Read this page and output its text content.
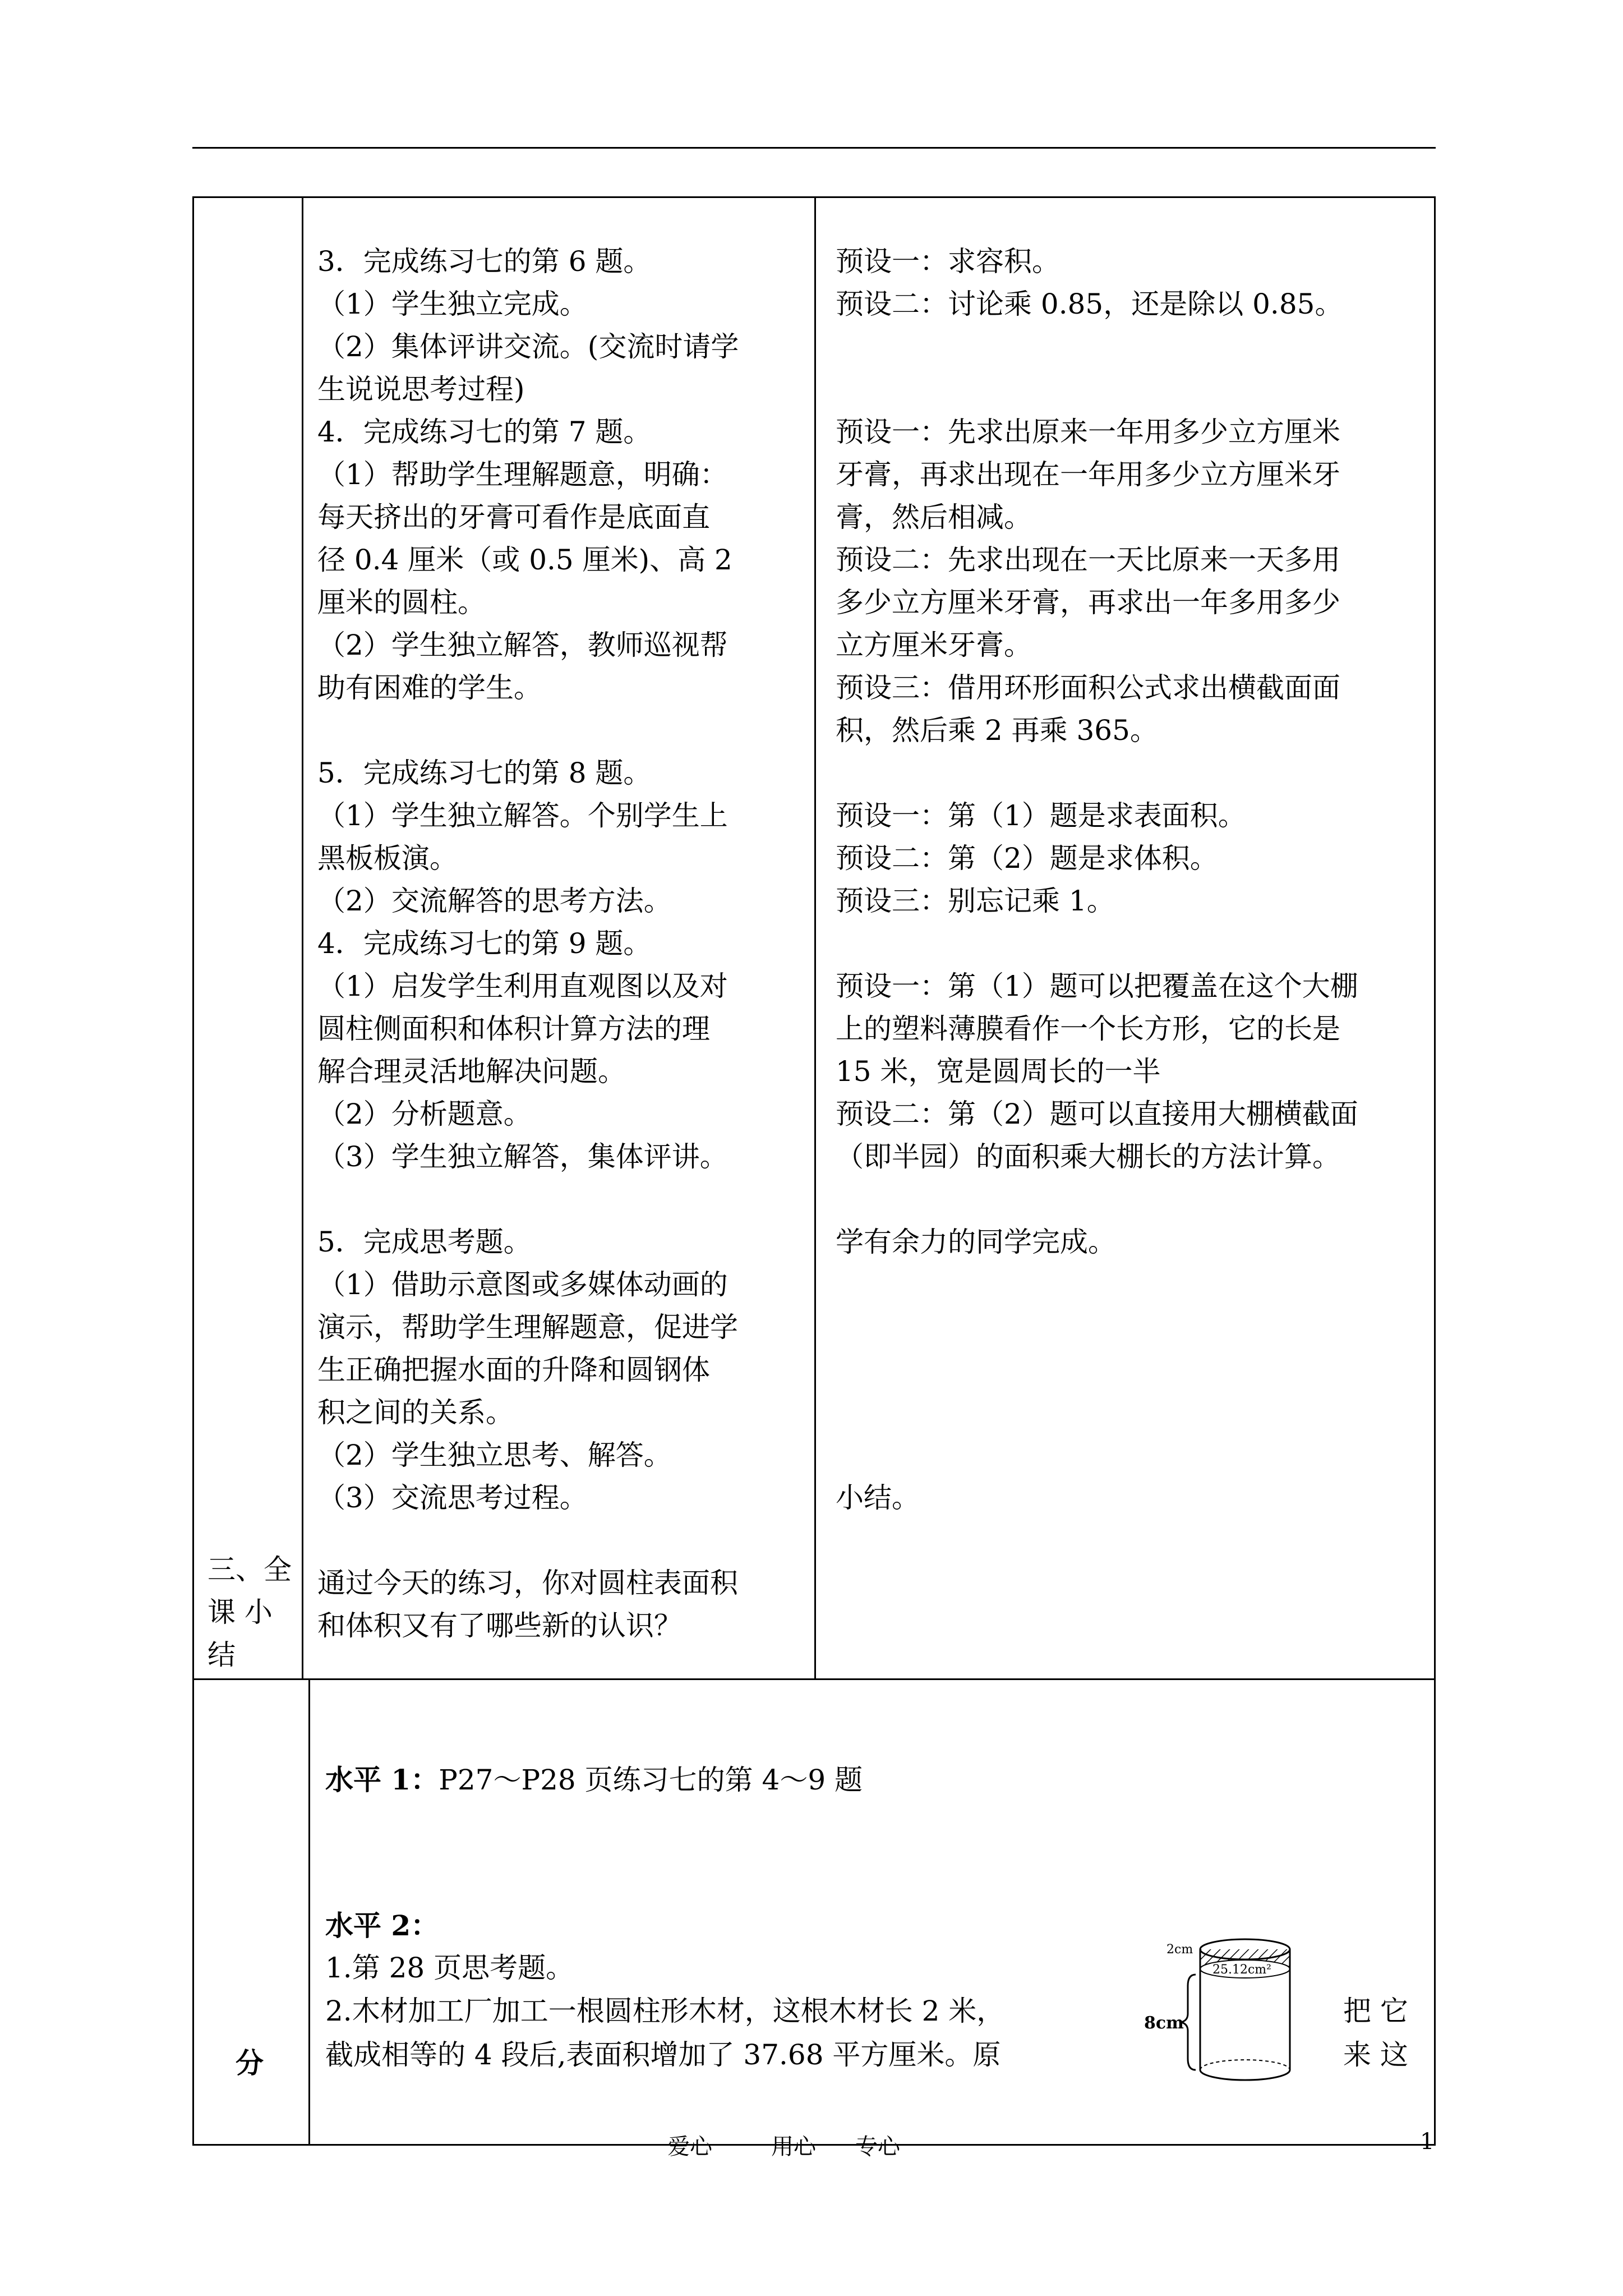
三、全
课 小
结
分

3．完成练习七的第 6 题。

（1）学生独立完成。

（2）集体评讲交流。(交流时请学

生说说思考过程)

4．完成练习七的第 7 题。

（1）帮助学生理解题意，明确：

每天挤出的牙膏可看作是底面直

径 0.4 厘米（或 0.5 厘米)、高 2

厘米的圆柱。

（2）学生独立解答，教师巡视帮

助有困难的学生。

5．完成练习七的第 8 题。

（1）学生独立解答。个别学生上

黑板板演。

（2）交流解答的思考方法。

4．完成练习七的第 9 题。

（1）启发学生利用直观图以及对

圆柱侧面积和体积计算方法的理

解合理灵活地解决问题。

（2）分析题意。

（3）学生独立解答，集体评讲。

5．完成思考题。

（1）借助示意图或多媒体动画的

演示，帮助学生理解题意，促进学

生正确把握水面的升降和圆钢体

积之间的关系。

（2）学生独立思考、解答。

（3）交流思考过程。

通过今天的练习，你对圆柱表面积

和体积又有了哪些新的认识？

预设一：求容积。

预设二：讨论乘 0.85，还是除以 0.85。

预设一：先求出原来一年用多少立方厘米

牙膏，再求出现在一年用多少立方厘米牙

膏，然后相减。

预设二：先求出现在一天比原来一天多用

多少立方厘米牙膏，再求出一年多用多少

立方厘米牙膏。

预设三：借用环形面积公式求出横截面面

积，然后乘 2 再乘 365。

预设一：第（1）题是求表面积。

预设二：第（2）题是求体积。

预设三：别忘记乘 1。

预设一：第（1）题可以把覆盖在这个大棚

上的塑料薄膜看作一个长方形，它的长是

15 米，宽是圆周长的一半

预设二：第（2）题可以直接用大棚横截面

（即半园）的面积乘大棚长的方法计算。

学有余力的同学完成。

小结。

水平 1：P27～P28 页练习七的第 4～9 题
水平 2：
1.第 28 页思考题。
2.木材加工厂加工一根圆柱形木材，这根木材长 2 米，
截成相等的 4 段后,表面积增加了 37.68 平方厘米。原
把 它
来 这
2cm
25.12cm²
8cm
爱心	用心 专心	1
